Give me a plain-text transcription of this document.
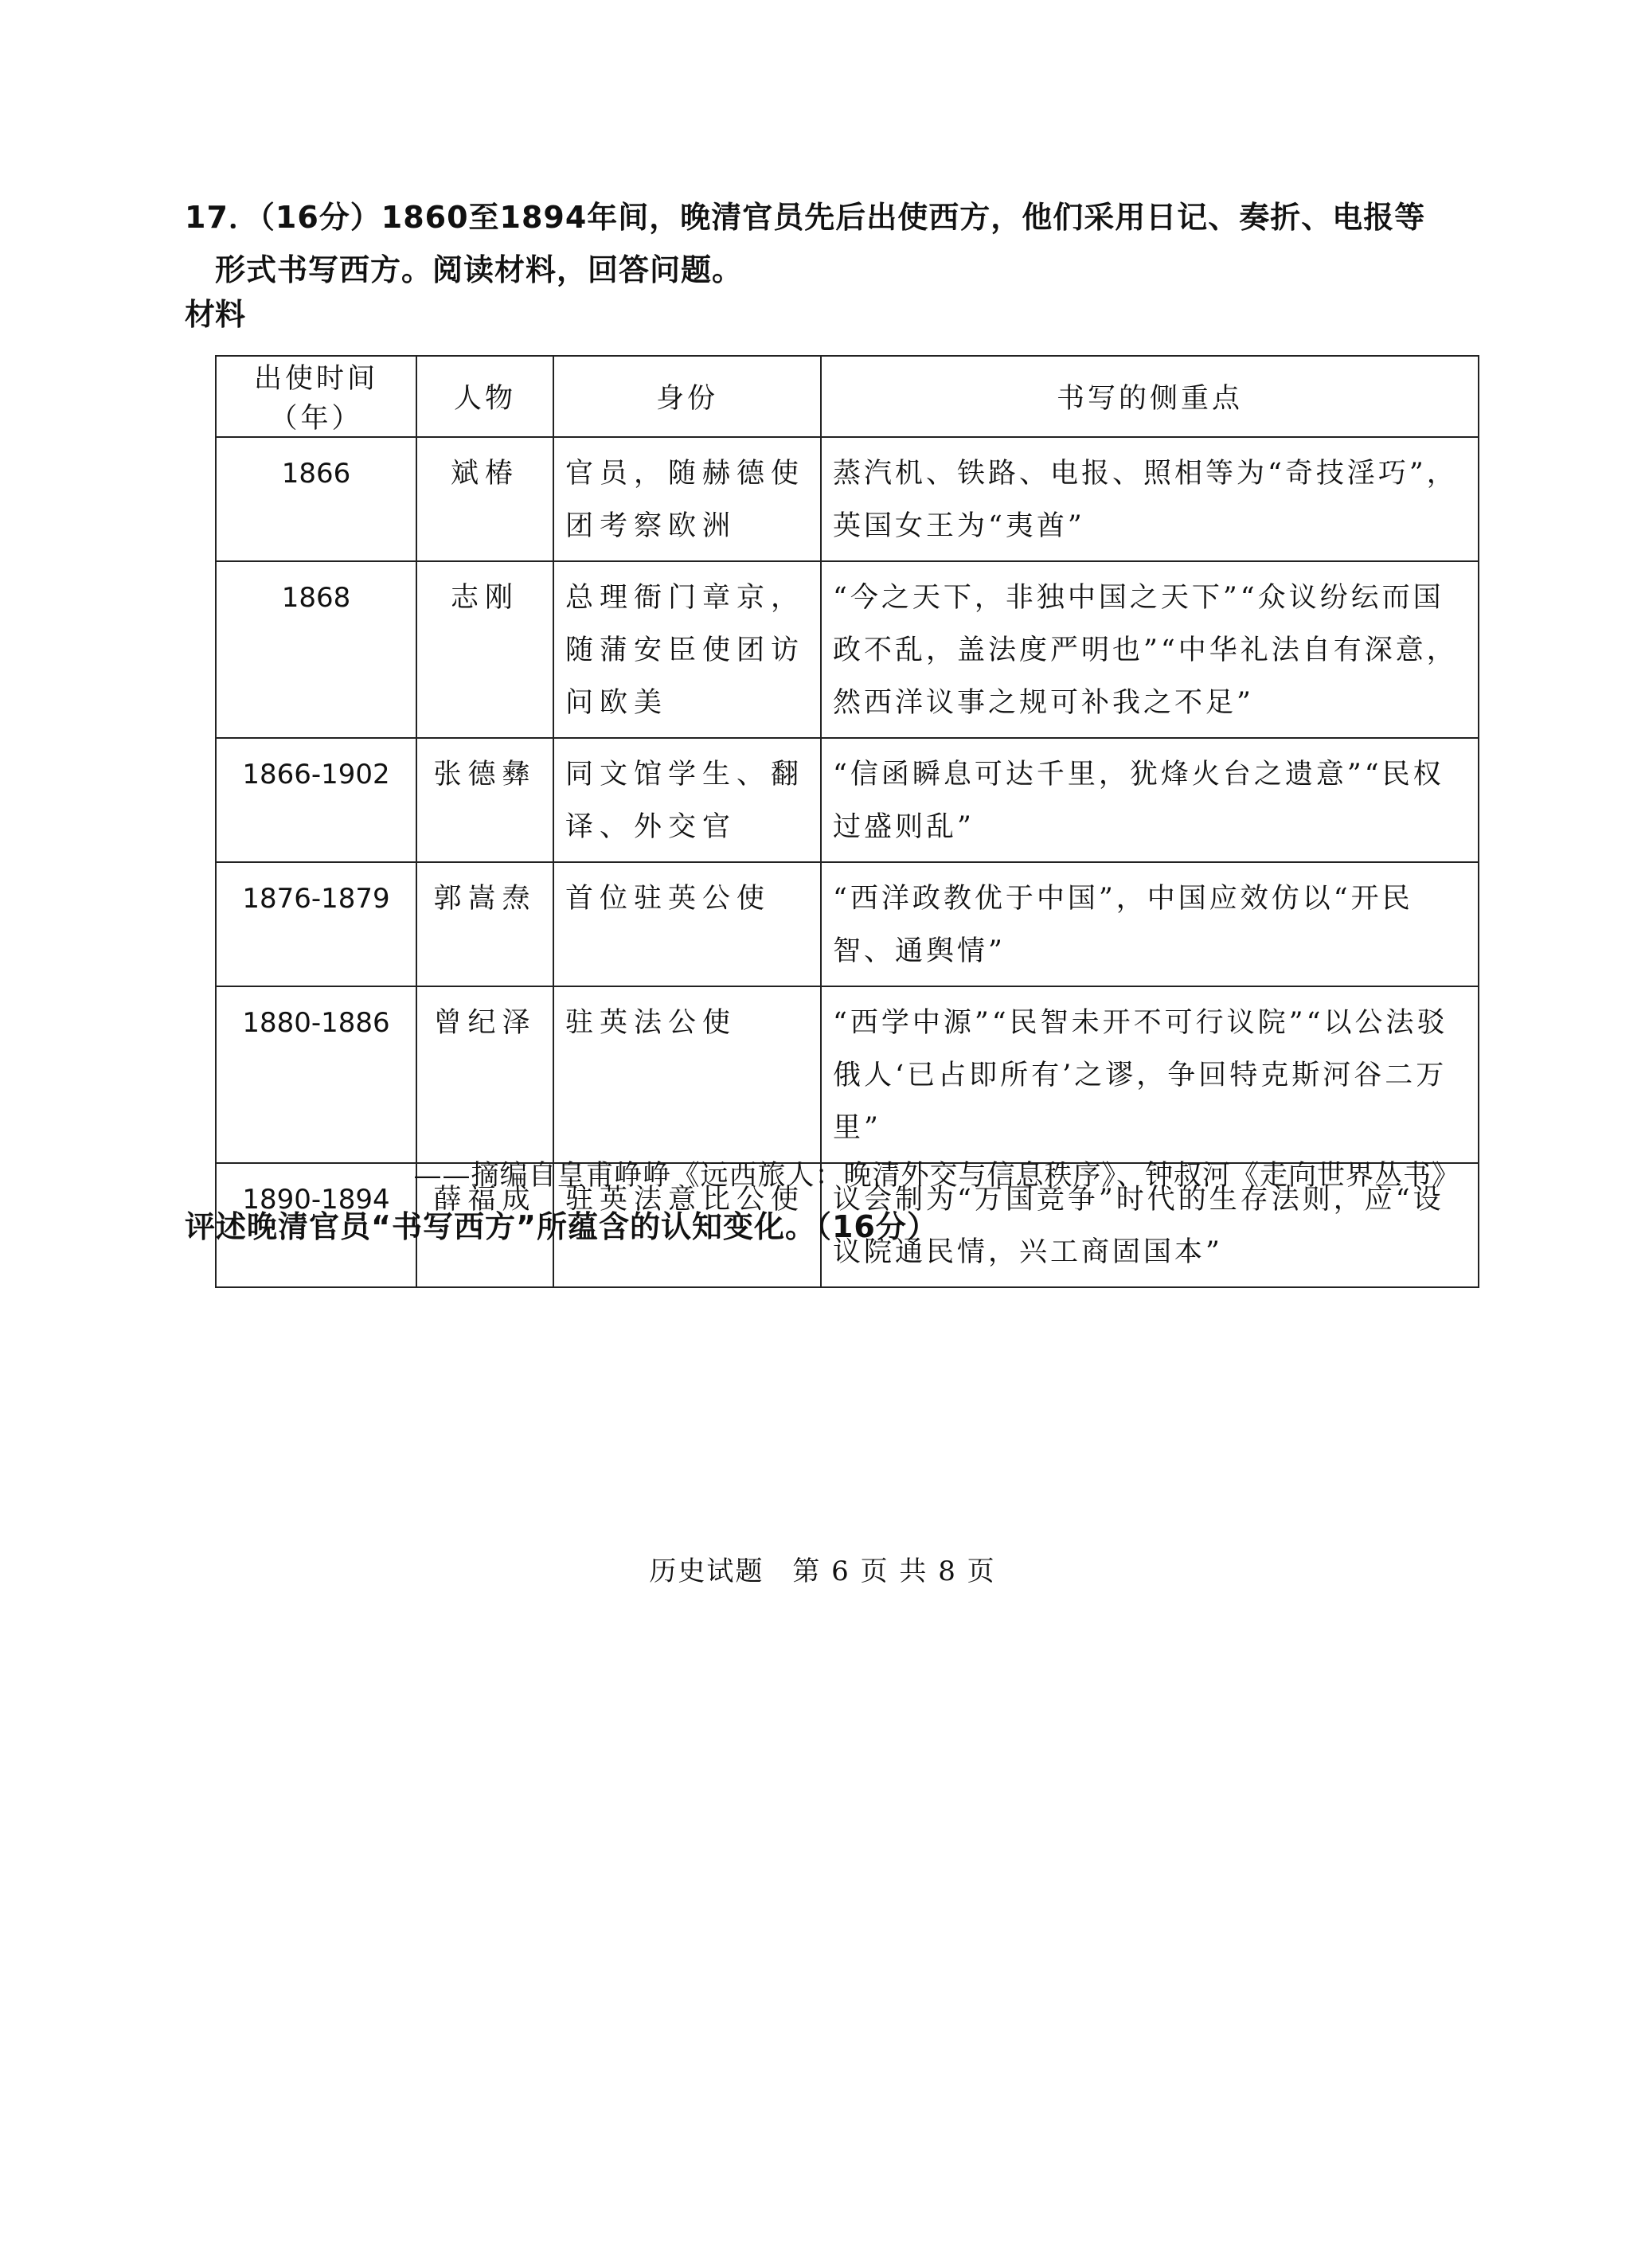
17．（16分）1860至1894年间，晚清官员先后出使西方，他们采用日记、奏折、电报等
形式书写西方。阅读材料，回答问题。
材料
出使时间（年）	人物	身份	书写的侧重点
1866	斌椿	官员，随赫德使团考察欧洲	蒸汽机、铁路、电报、照相等为“奇技淫巧”，英国女王为“夷酋”
1868	志刚	总理衙门章京，随蒲安臣使团访问欧美	“今之天下，非独中国之天下”“众议纷纭而国政不乱，盖法度严明也”“中华礼法自有深意，然西洋议事之规可补我之不足”
1866-1902	张德彝	同文馆学生、翻译、外交官	“信函瞬息可达千里，犹烽火台之遗意”“民权过盛则乱”
1876-1879	郭嵩焘	首位驻英公使	“西洋政教优于中国”，中国应效仿以“开民智、通舆情”
1880-1886	曾纪泽	驻英法公使	“西学中源”“民智未开不可行议院”“以公法驳俄人‘已占即所有’之谬，争回特克斯河谷二万里”
1890-1894	薛福成	驻英法意比公使	议会制为“万国竞争”时代的生存法则，应“设议院通民情，兴工商固国本”
——摘编自皇甫峥峥《远西旅人：晚清外交与信息秩序》、钟叔河《走向世界丛书》
评述晚清官员“书写西方”所蕴含的认知变化。（16分）
历史试题　第 6 页 共 8 页
